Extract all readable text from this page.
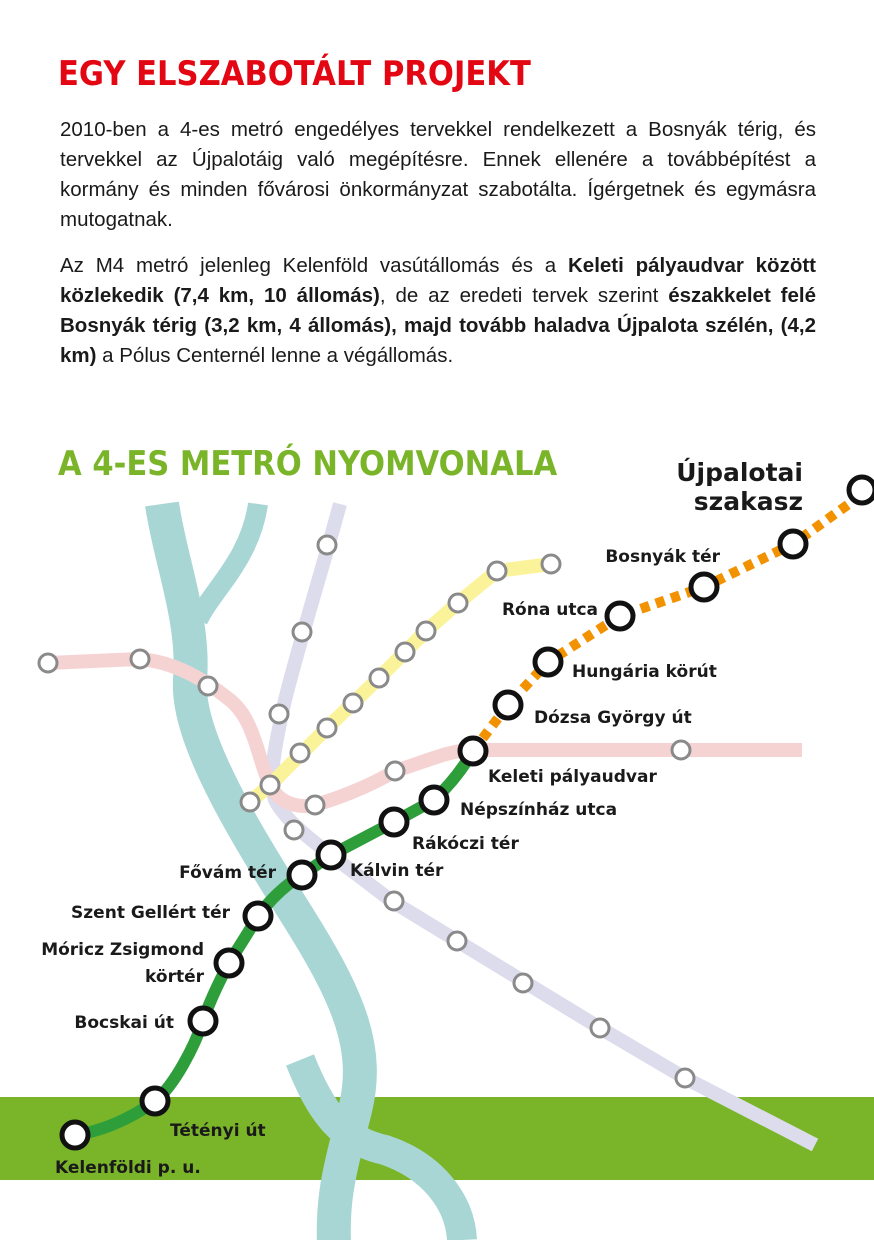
EGY ELSZABOTÁLT PROJEKT

2010-ben a 4-es metró engedélyes tervekkel rendelkezett a Bosnyák térig, és tervekkel az Újpalotáig való megépítésre. Ennek ellenére a továbbépítést a kormány és minden fővárosi önkormányzat szabotálta. Ígérgetnek és egymásra mutogatnak.

Az M4 metró jelenleg Kelenföld vasútállomás és a Keleti pályaudvar között közlekedik (7,4 km, 10 állomás), de az eredeti tervek szerint északkelet felé Bosnyák térig (3,2 km, 4 állomás), majd tovább haladva Újpalota szélén, (4,2 km) a Pólus Centernél lenne a végállomás.

Kelenföldi p. u.
Tétényi út
Bocskai út
Móricz Zsigmond
körtér
Szent Gellért tér
Fővám tér	Kálvin tér
Rákóczi tér
Népszínház utca
Keleti pályaudvar
Dózsa György út
Hungária körút
Róna utca
Bosnyák tér
Újpalotai
szakasz
A 4-ES METRÓ NYOMVONALA
